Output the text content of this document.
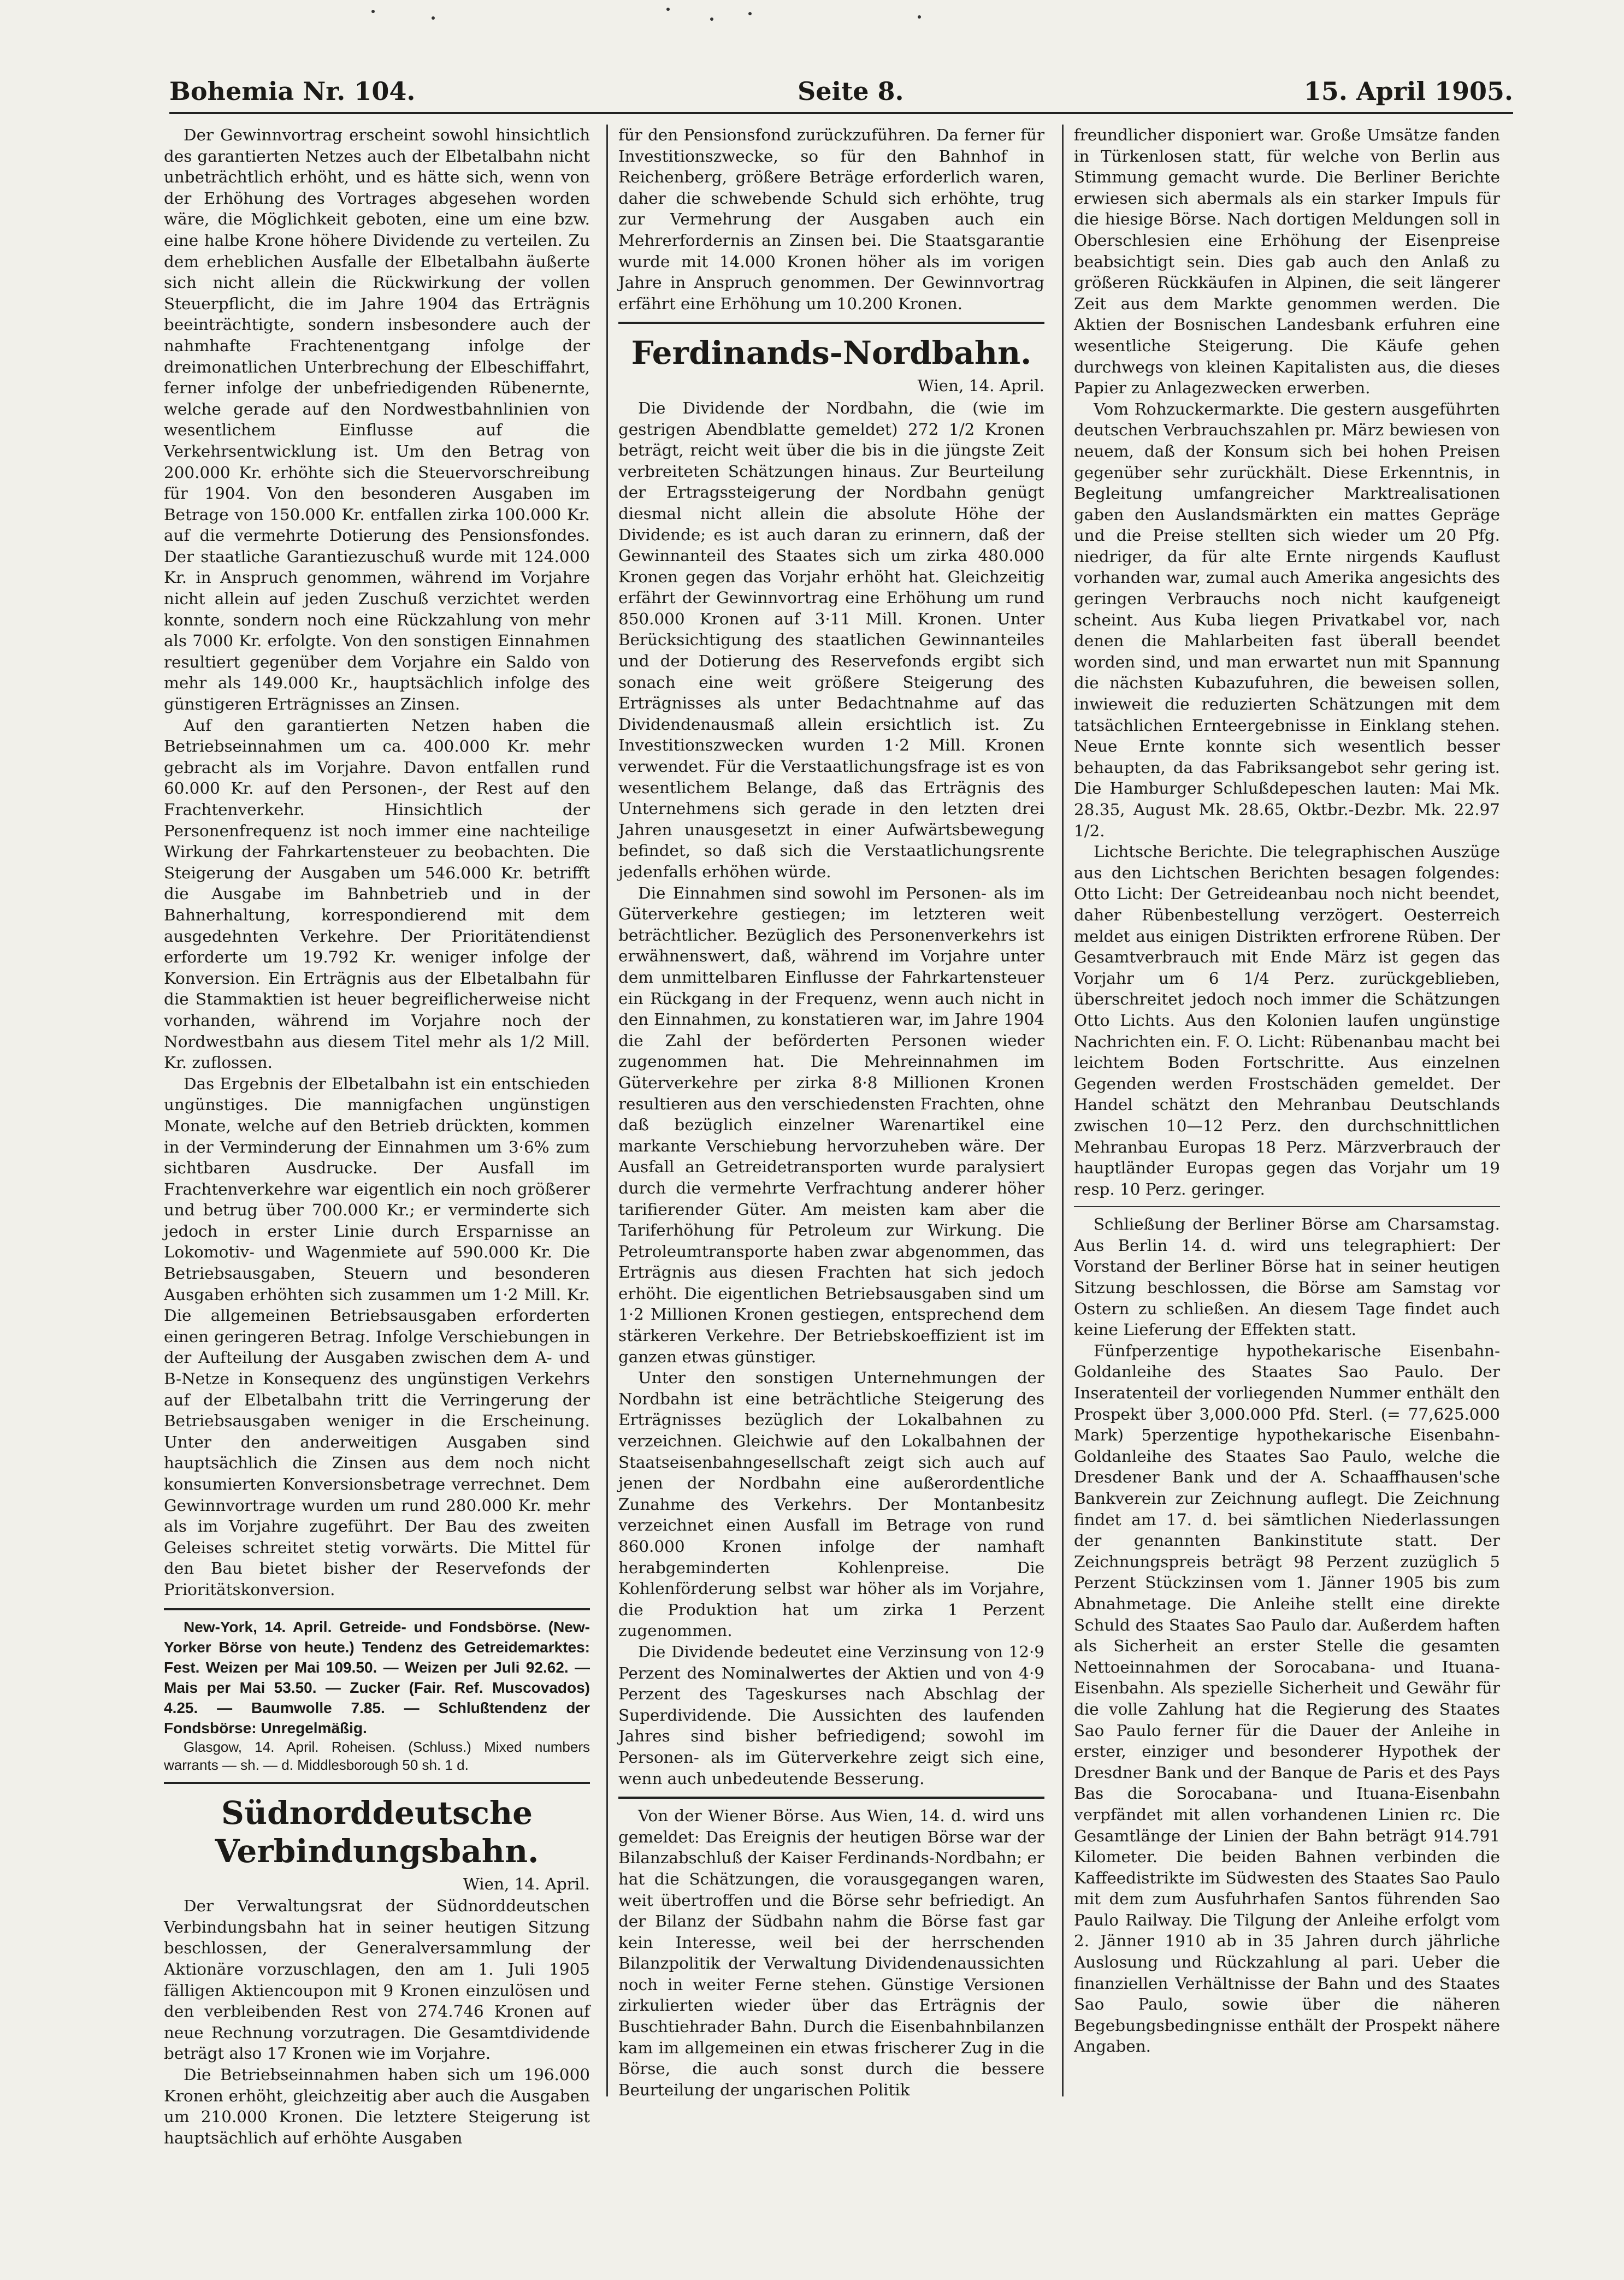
Bohemia Nr. 104.	Seite 8.	15. April 1905.

Der Gewinnvortrag erscheint sowohl hinsichtlich des garantierten Netzes auch der Elbetalbahn nicht unbeträchtlich erhöht, und es hätte sich, wenn von der Erhöhung des Vortrages abgesehen worden wäre, die Möglichkeit geboten, eine um eine bzw. eine halbe Krone höhere Dividende zu verteilen. Zu dem erheblichen Ausfalle der Elbetalbahn äußerte sich nicht allein die Rückwirkung der vollen Steuerpflicht, die im Jahre 1904 das Erträgnis beeinträchtigte, sondern insbesondere auch der nahmhafte Frachtenentgang infolge der dreimonatlichen Unterbrechung der Elbeschiffahrt, ferner infolge der unbefriedigenden Rübenernte, welche gerade auf den Nordwestbahnlinien von wesentlichem Einflusse auf die Verkehrsentwicklung ist. Um den Betrag von 200.000 Kr. erhöhte sich die Steuervorschreibung für 1904. Von den besonderen Ausgaben im Betrage von 150.000 Kr. entfallen zirka 100.000 Kr. auf die vermehrte Dotierung des Pensionsfondes. Der staatliche Garantiezuschuß wurde mit 124.000 Kr. in Anspruch genommen, während im Vorjahre nicht allein auf jeden Zuschuß verzichtet werden konnte, sondern noch eine Rückzahlung von mehr als 7000 Kr. erfolgte. Von den sonstigen Einnahmen resultiert gegenüber dem Vorjahre ein Saldo von mehr als 149.000 Kr., hauptsächlich infolge des günstigeren Erträgnisses an Zinsen.

Auf den garantierten Netzen haben die Betriebseinnahmen um ca. 400.000 Kr. mehr gebracht als im Vorjahre. Davon entfallen rund 60.000 Kr. auf den Personen-, der Rest auf den Frachtenverkehr. Hinsichtlich der Personenfrequenz ist noch immer eine nachteilige Wirkung der Fahrkartensteuer zu beobachten. Die Steigerung der Ausgaben um 546.000 Kr. betrifft die Ausgabe im Bahnbetrieb und in der Bahnerhaltung, korrespondierend mit dem ausgedehnten Verkehre. Der Prioritätendienst erforderte um 19.792 Kr. weniger infolge der Konversion. Ein Erträgnis aus der Elbetalbahn für die Stammaktien ist heuer begreiflicherweise nicht vorhanden, während im Vorjahre noch der Nordwestbahn aus diesem Titel mehr als 1/2 Mill. Kr. zuflossen.

Das Ergebnis der Elbetalbahn ist ein entschieden ungünstiges. Die mannigfachen ungünstigen Monate, welche auf den Betrieb drückten, kommen in der Verminderung der Einnahmen um 3·6% zum sichtbaren Ausdrucke. Der Ausfall im Frachtenverkehre war eigentlich ein noch größerer und betrug über 700.000 Kr.; er verminderte sich jedoch in erster Linie durch Ersparnisse an Lokomotiv- und Wagenmiete auf 590.000 Kr. Die Betriebsausgaben, Steuern und besonderen Ausgaben erhöhten sich zusammen um 1·2 Mill. Kr. Die allgemeinen Betriebsausgaben erforderten einen geringeren Betrag. Infolge Verschiebungen in der Aufteilung der Ausgaben zwischen dem A- und B-Netze in Konsequenz des ungünstigen Verkehrs auf der Elbetalbahn tritt die Verringerung der Betriebsausgaben weniger in die Erscheinung. Unter den anderweitigen Ausgaben sind hauptsächlich die Zinsen aus dem noch nicht konsumierten Konversionsbetrage verrechnet. Dem Gewinnvortrage wurden um rund 280.000 Kr. mehr als im Vorjahre zugeführt. Der Bau des zweiten Geleises schreitet stetig vorwärts. Die Mittel für den Bau bietet bisher der Reservefonds der Prioritätskonversion.

New-York, 14. April. Getreide- und Fondsbörse. (New-Yorker Börse von heute.) Tendenz des Getreidemarktes: Fest. Weizen per Mai 109.50. — Weizen per Juli 92.62. — Mais per Mai 53.50. — Zucker (Fair. Ref. Muscovados) 4.25. — Baumwolle 7.85. — Schlußtendenz der Fondsbörse: Unregelmäßig.

Glasgow, 14. April. Roheisen. (Schluss.) Mixed numbers warrants — sh. — d. Middlesborough 50 sh. 1 d.

Südnorddeutsche Verbindungsbahn.
Wien, 14. April.

Der Verwaltungsrat der Südnorddeutschen Verbindungsbahn hat in seiner heutigen Sitzung beschlossen, der Generalversammlung der Aktionäre vorzuschlagen, den am 1. Juli 1905 fälligen Aktiencoupon mit 9 Kronen einzulösen und den verbleibenden Rest von 274.746 Kronen auf neue Rechnung vorzutragen. Die Gesamtdividende beträgt also 17 Kronen wie im Vorjahre.

Die Betriebseinnahmen haben sich um 196.000 Kronen erhöht, gleichzeitig aber auch die Ausgaben um 210.000 Kronen. Die letztere Steigerung ist hauptsächlich auf erhöhte Ausgaben

für den Pensionsfond zurückzuführen. Da ferner für Investitionszwecke, so für den Bahnhof in Reichenberg, größere Beträge erforderlich waren, daher die schwebende Schuld sich erhöhte, trug zur Vermehrung der Ausgaben auch ein Mehrerfordernis an Zinsen bei. Die Staatsgarantie wurde mit 14.000 Kronen höher als im vorigen Jahre in Anspruch genommen. Der Gewinnvortrag erfährt eine Erhöhung um 10.200 Kronen.

Ferdinands-Nordbahn.
Wien, 14. April.

Die Dividende der Nordbahn, die (wie im gestrigen Abendblatte gemeldet) 272 1/2 Kronen beträgt, reicht weit über die bis in die jüngste Zeit verbreiteten Schätzungen hinaus. Zur Beurteilung der Ertragssteigerung der Nordbahn genügt diesmal nicht allein die absolute Höhe der Dividende; es ist auch daran zu erinnern, daß der Gewinnanteil des Staates sich um zirka 480.000 Kronen gegen das Vorjahr erhöht hat. Gleichzeitig erfährt der Gewinnvortrag eine Erhöhung um rund 850.000 Kronen auf 3·11 Mill. Kronen. Unter Berücksichtigung des staatlichen Gewinnanteiles und der Dotierung des Reservefonds ergibt sich sonach eine weit größere Steigerung des Erträgnisses als unter Bedachtnahme auf das Dividendenausmaß allein ersichtlich ist. Zu Investitionszwecken wurden 1·2 Mill. Kronen verwendet. Für die Verstaatlichungsfrage ist es von wesentlichem Belange, daß das Erträgnis des Unternehmens sich gerade in den letzten drei Jahren unausgesetzt in einer Aufwärtsbewegung befindet, so daß sich die Verstaatlichungsrente jedenfalls erhöhen würde.

Die Einnahmen sind sowohl im Personen- als im Güterverkehre gestiegen; im letzteren weit beträchtlicher. Bezüglich des Personenverkehrs ist erwähnenswert, daß, während im Vorjahre unter dem unmittelbaren Einflusse der Fahrkartensteuer ein Rückgang in der Frequenz, wenn auch nicht in den Einnahmen, zu konstatieren war, im Jahre 1904 die Zahl der beförderten Personen wieder zugenommen hat. Die Mehreinnahmen im Güterverkehre per zirka 8·8 Millionen Kronen resultieren aus den verschiedensten Frachten, ohne daß bezüglich einzelner Warenartikel eine markante Verschiebung hervorzuheben wäre. Der Ausfall an Getreidetransporten wurde paralysiert durch die vermehrte Verfrachtung anderer höher tarifierender Güter. Am meisten kam aber die Tariferhöhung für Petroleum zur Wirkung. Die Petroleumtransporte haben zwar abgenommen, das Erträgnis aus diesen Frachten hat sich jedoch erhöht. Die eigentlichen Betriebsausgaben sind um 1·2 Millionen Kronen gestiegen, entsprechend dem stärkeren Verkehre. Der Betriebskoeffizient ist im ganzen etwas günstiger.

Unter den sonstigen Unternehmungen der Nordbahn ist eine beträchtliche Steigerung des Erträgnisses bezüglich der Lokalbahnen zu verzeichnen. Gleichwie auf den Lokalbahnen der Staatseisenbahngesellschaft zeigt sich auch auf jenen der Nordbahn eine außerordentliche Zunahme des Verkehrs. Der Montanbesitz verzeichnet einen Ausfall im Betrage von rund 860.000 Kronen infolge der namhaft herabgeminderten Kohlenpreise. Die Kohlenförderung selbst war höher als im Vorjahre, die Produktion hat um zirka 1 Perzent zugenommen.

Die Dividende bedeutet eine Verzinsung von 12·9 Perzent des Nominalwertes der Aktien und von 4·9 Perzent des Tageskurses nach Abschlag der Superdividende. Die Aussichten des laufenden Jahres sind bisher befriedigend; sowohl im Personen- als im Güterverkehre zeigt sich eine, wenn auch unbedeutende Besserung.

Von der Wiener Börse. Aus Wien, 14. d. wird uns gemeldet: Das Ereignis der heutigen Börse war der Bilanzabschluß der Kaiser Ferdinands-Nordbahn; er hat die Schätzungen, die vorausgegangen waren, weit übertroffen und die Börse sehr befriedigt. An der Bilanz der Südbahn nahm die Börse fast gar kein Interesse, weil bei der herrschenden Bilanzpolitik der Verwaltung Dividendenaussichten noch in weiter Ferne stehen. Günstige Versionen zirkulierten wieder über das Erträgnis der Buschtiehrader Bahn. Durch die Eisenbahnbilanzen kam im allgemeinen ein etwas frischerer Zug in die Börse, die auch sonst durch die bessere Beurteilung der ungarischen Politik

freundlicher disponiert war. Große Umsätze fanden in Türkenlosen statt, für welche von Berlin aus Stimmung gemacht wurde. Die Berliner Berichte erwiesen sich abermals als ein starker Impuls für die hiesige Börse. Nach dortigen Meldungen soll in Oberschlesien eine Erhöhung der Eisenpreise beabsichtigt sein. Dies gab auch den Anlaß zu größeren Rückkäufen in Alpinen, die seit längerer Zeit aus dem Markte genommen werden. Die Aktien der Bosnischen Landesbank erfuhren eine wesentliche Steigerung. Die Käufe gehen durchwegs von kleinen Kapitalisten aus, die dieses Papier zu Anlagezwecken erwerben.

Vom Rohzuckermarkte. Die gestern ausgeführten deutschen Verbrauchszahlen pr. März bewiesen von neuem, daß der Konsum sich bei hohen Preisen gegenüber sehr zurückhält. Diese Erkenntnis, in Begleitung umfangreicher Marktrealisationen gaben den Auslandsmärkten ein mattes Gepräge und die Preise stellten sich wieder um 20 Pfg. niedriger, da für alte Ernte nirgends Kauflust vorhanden war, zumal auch Amerika angesichts des geringen Verbrauchs noch nicht kaufgeneigt scheint. Aus Kuba liegen Privatkabel vor, nach denen die Mahlarbeiten fast überall beendet worden sind, und man erwartet nun mit Spannung die nächsten Kubazufuhren, die beweisen sollen, inwieweit die reduzierten Schätzungen mit dem tatsächlichen Ernteergebnisse in Einklang stehen. Neue Ernte konnte sich wesentlich besser behaupten, da das Fabriksangebot sehr gering ist. Die Hamburger Schlußdepeschen lauten: Mai Mk. 28.35, August Mk. 28.65, Oktbr.-Dezbr. Mk. 22.97 1/2.

Lichtsche Berichte. Die telegraphischen Auszüge aus den Lichtschen Berichten besagen folgendes: Otto Licht: Der Getreideanbau noch nicht beendet, daher Rübenbestellung verzögert. Oesterreich meldet aus einigen Distrikten erfrorene Rüben. Der Gesamtverbrauch mit Ende März ist gegen das Vorjahr um 6 1/4 Perz. zurückgeblieben, überschreitet jedoch noch immer die Schätzungen Otto Lichts. Aus den Kolonien laufen ungünstige Nachrichten ein. F. O. Licht: Rübenanbau macht bei leichtem Boden Fortschritte. Aus einzelnen Gegenden werden Frostschäden gemeldet. Der Handel schätzt den Mehranbau Deutschlands zwischen 10—12 Perz. den durchschnittlichen Mehranbau Europas 18 Perz. Märzverbrauch der hauptländer Europas gegen das Vorjahr um 19 resp. 10 Perz. geringer.

Schließung der Berliner Börse am Charsamstag. Aus Berlin 14. d. wird uns telegraphiert: Der Vorstand der Berliner Börse hat in seiner heutigen Sitzung beschlossen, die Börse am Samstag vor Ostern zu schließen. An diesem Tage findet auch keine Lieferung der Effekten statt.

Fünfperzentige hypothekarische Eisenbahn-Goldanleihe des Staates Sao Paulo. Der Inseratenteil der vorliegenden Nummer enthält den Prospekt über 3,000.000 Pfd. Sterl. (= 77,625.000 Mark) 5perzentige hypothekarische Eisenbahn-Goldanleihe des Staates Sao Paulo, welche die Dresdener Bank und der A. Schaaffhausen'sche Bankverein zur Zeichnung auflegt. Die Zeichnung findet am 17. d. bei sämtlichen Niederlassungen der genannten Bankinstitute statt. Der Zeichnungspreis beträgt 98 Perzent zuzüglich 5 Perzent Stückzinsen vom 1. Jänner 1905 bis zum Abnahmetage. Die Anleihe stellt eine direkte Schuld des Staates Sao Paulo dar. Außerdem haften als Sicherheit an erster Stelle die gesamten Nettoeinnahmen der Sorocabana- und Ituana-Eisenbahn. Als spezielle Sicherheit und Gewähr für die volle Zahlung hat die Regierung des Staates Sao Paulo ferner für die Dauer der Anleihe in erster, einziger und besonderer Hypothek der Dresdner Bank und der Banque de Paris et des Pays Bas die Sorocabana- und Ituana-Eisenbahn verpfändet mit allen vorhandenen Linien rc. Die Gesamtlänge der Linien der Bahn beträgt 914.791 Kilometer. Die beiden Bahnen verbinden die Kaffeedistrikte im Südwesten des Staates Sao Paulo mit dem zum Ausfuhrhafen Santos führenden Sao Paulo Railway. Die Tilgung der Anleihe erfolgt vom 2. Jänner 1910 ab in 35 Jahren durch jährliche Auslosung und Rückzahlung al pari. Ueber die finanziellen Verhältnisse der Bahn und des Staates Sao Paulo, sowie über die näheren Begebungsbedingnisse enthält der Prospekt nähere Angaben.
